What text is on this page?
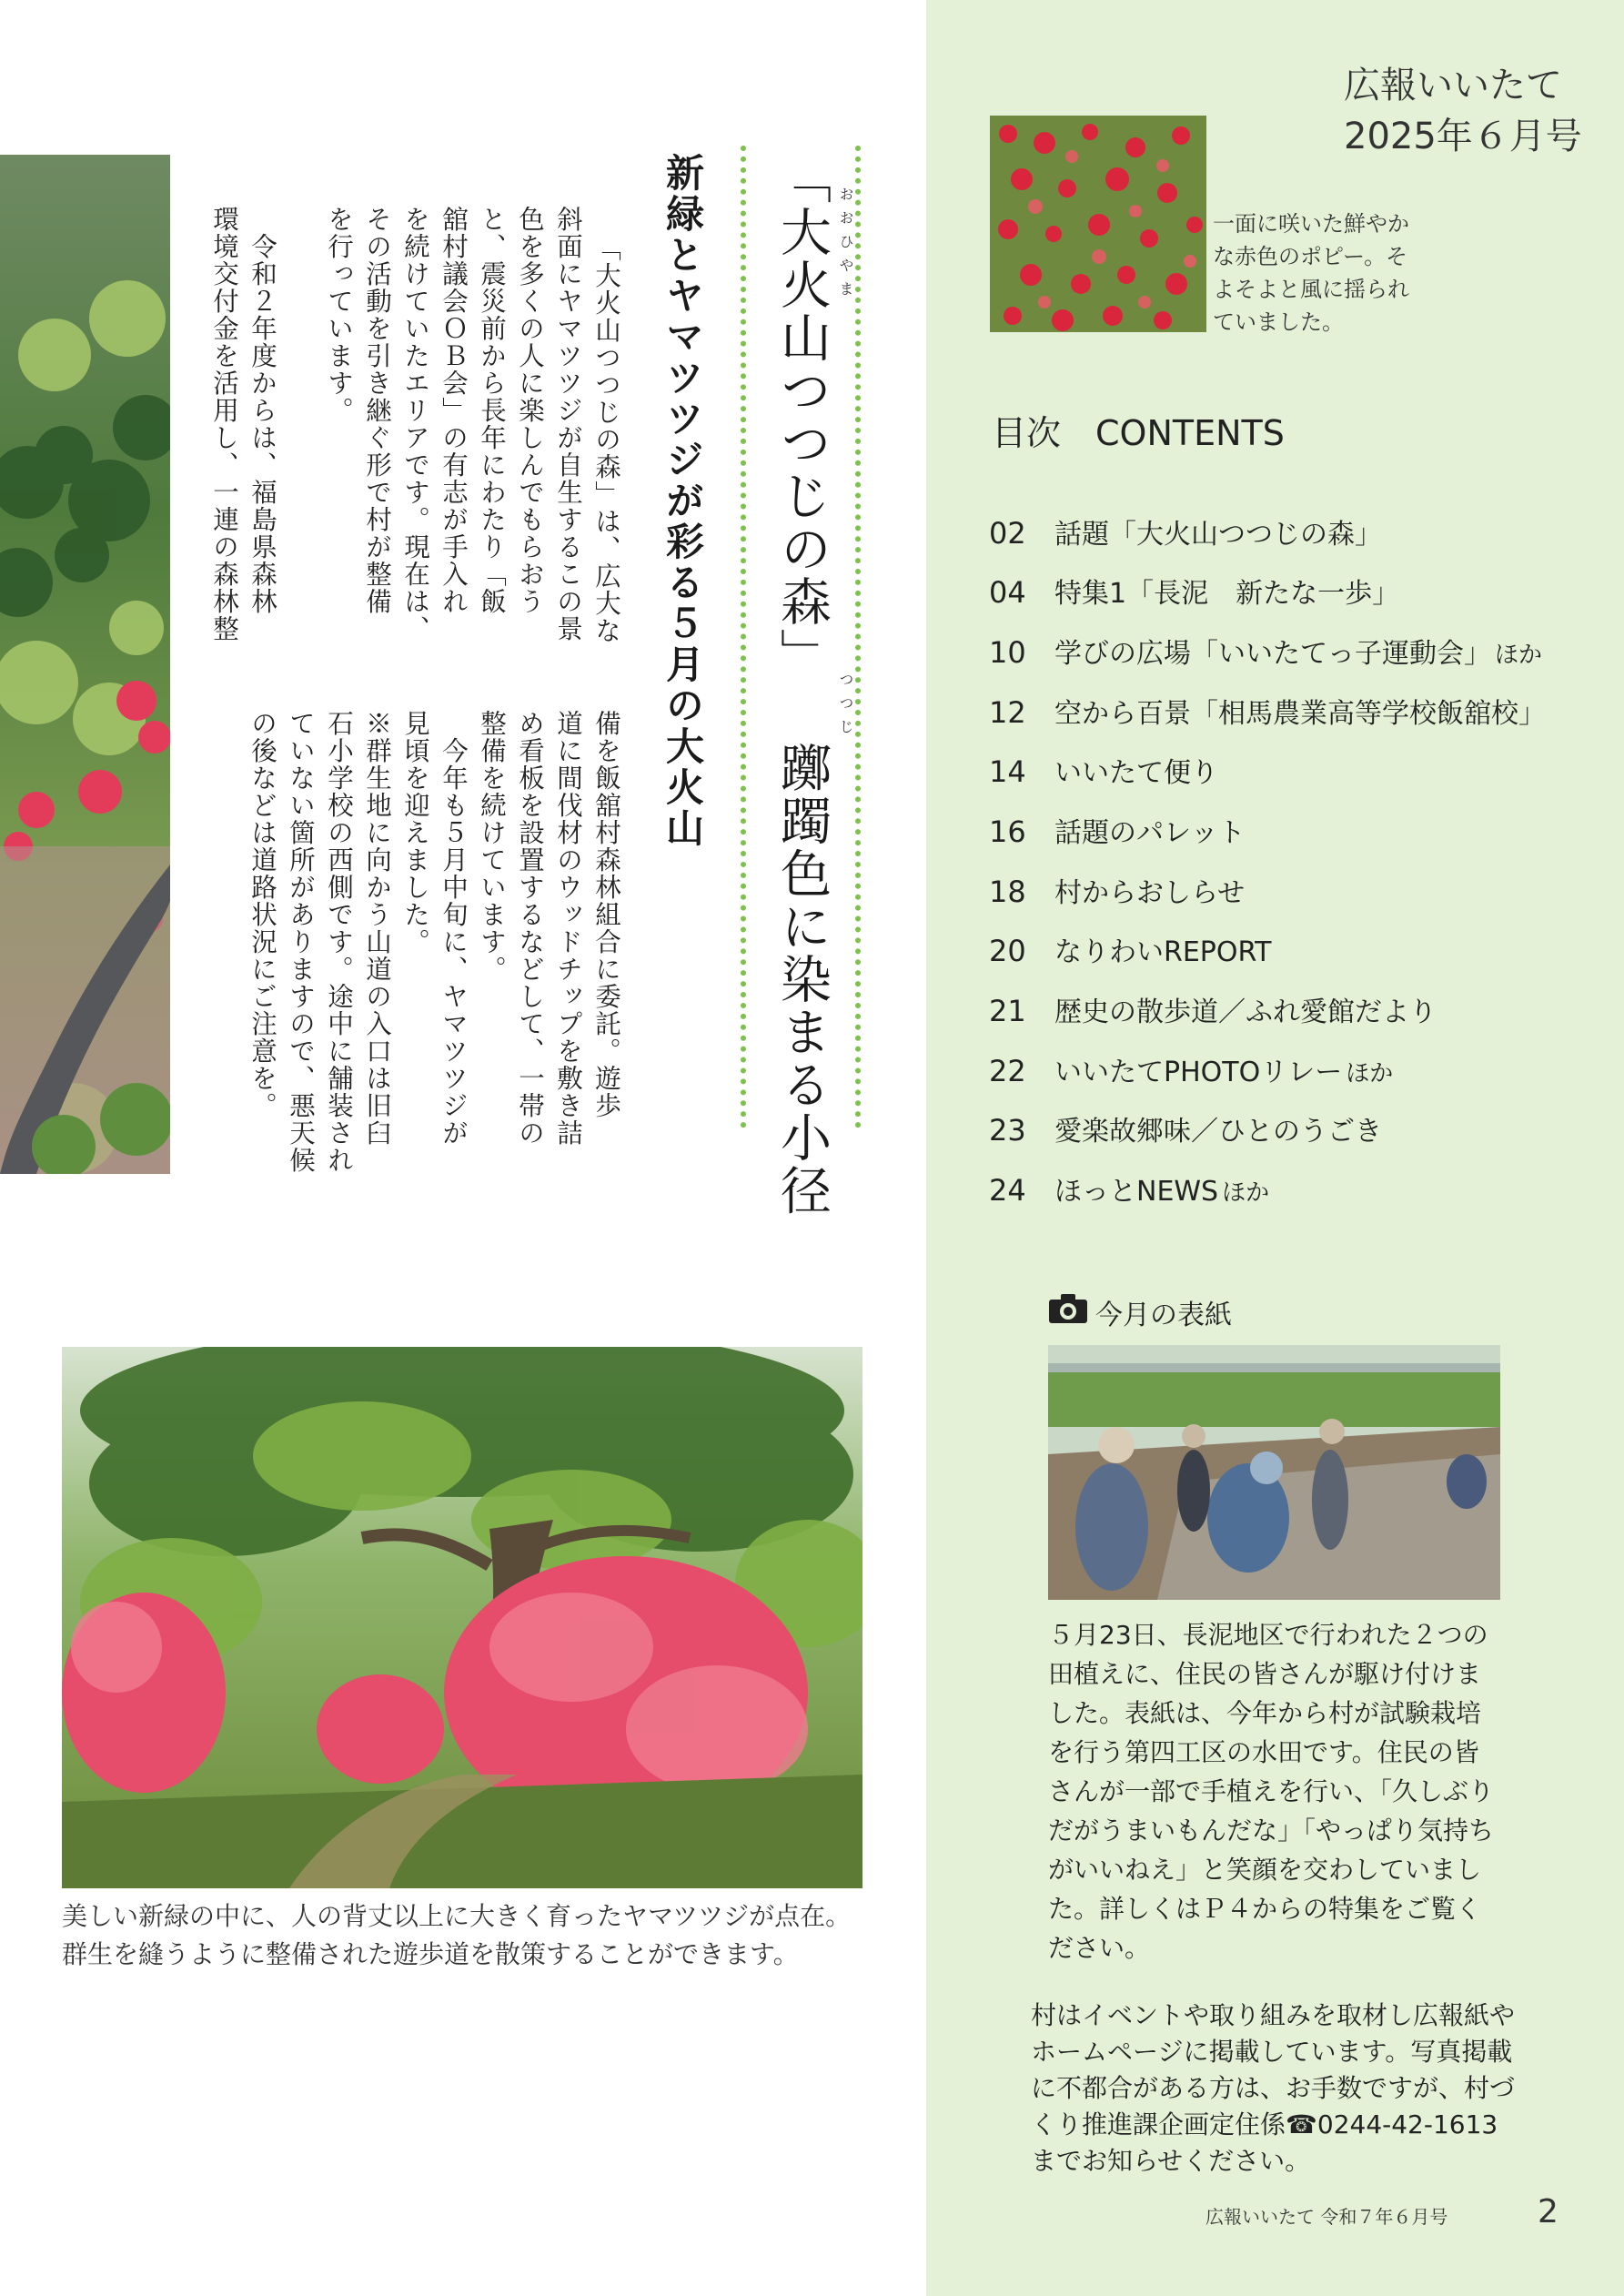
「大火山つつじの森」 躑躅色に染まる小径 おおひやま
つつじ
新緑とヤマツツジが彩る５月の大火山
「大火山つつじの森」は、広大な
斜面にヤマツツジが自生するこの景
色を多くの人に楽しんでもらおう
と、震災前から長年にわたり「飯
舘村議会ＯＢ会」の有志が手入れ
を続けていたエリアです。現在は、
その活動を引き継ぐ形で村が整備
を行っています。
　令和２年度からは、福島県森林
環境交付金を活用し、一連の森林整
備を飯舘村森林組合に委託。遊歩
道に間伐材のウッドチップを敷き詰
め看板を設置するなどして、一帯の
整備を続けています。
　今年も５月中旬に、ヤマツツジが
見頃を迎えました。
※群生地に向かう山道の入口は旧臼
石小学校の西側です。途中に舗装され
ていない箇所がありますので、悪天候
の後などは道路状況にご注意を。
美しい新緑の中に、人の背丈以上に大きく育ったヤマツツジが点在。
群生を縫うように整備された遊歩道を散策することができます。
広報いいたて
2025年６月号
一面に咲いた鮮やかな赤色のポピー。そよそよと風に揺られていました。
目次　CONTENTS
02 話題「大火山つつじの森」
04 特集1「長泥　新たな一歩」
10 学びの広場「いいたてっ子運動会」 ほか
12 空から百景「相馬農業高等学校飯舘校」
14 いいたて便り
16 話題のパレット
18 村からおしらせ
20 なりわいREPORT
21 歴史の散歩道／ふれ愛館だより
22 いいたてPHOTOリレー ほか
23 愛楽故郷味／ひとのうごき
24 ほっとNEWS ほか
今月の表紙
５月23日、長泥地区で行われた２つの田植えに、住民の皆さんが駆け付けました。表紙は、今年から村が試験栽培を行う第四工区の水田です。住民の皆さんが一部で手植えを行い、「久しぶりだがうまいもんだな」「やっぱり気持ちがいいねえ」と笑顔を交わしていました。詳しくはＰ４からの特集をご覧ください。
村はイベントや取り組みを取材し広報紙やホームページに掲載しています。写真掲載に不都合がある方は、お手数ですが、村づくり推進課企画定住係☎0244-42-1613までお知らせください。
広報いいたて 令和７年６月号	2
